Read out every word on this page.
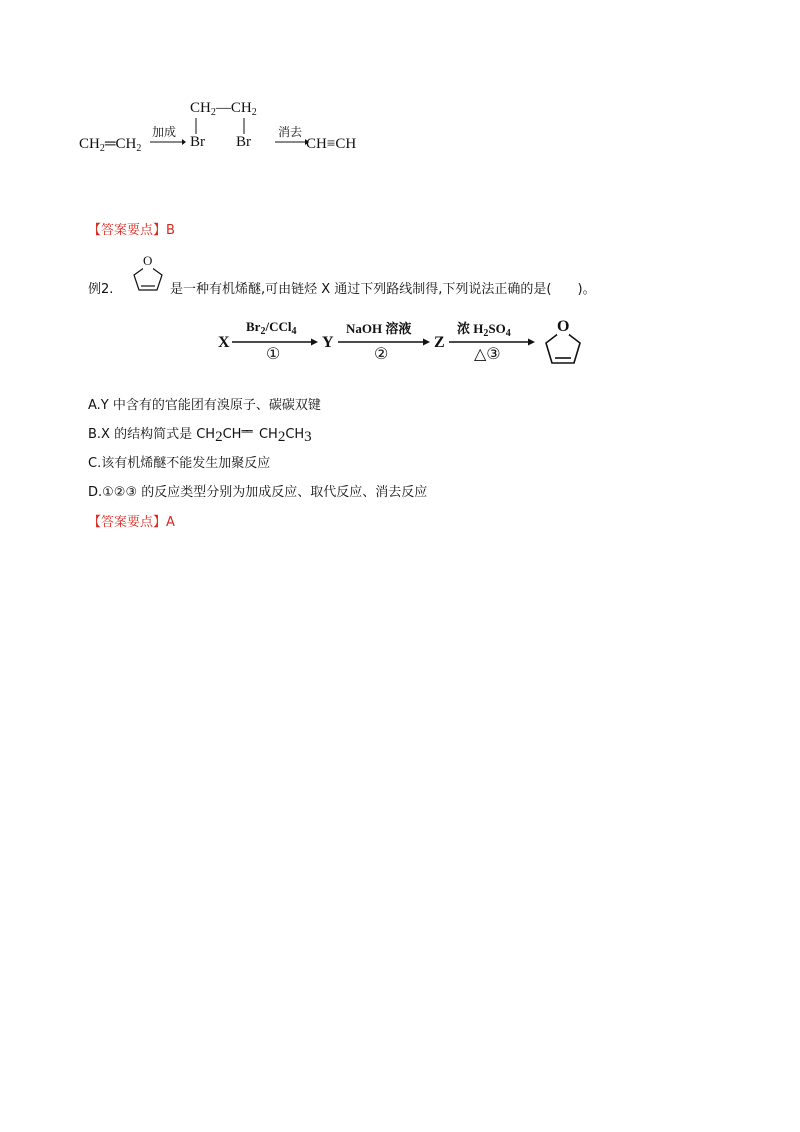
$CH_2═CH_2$
加成
$CH_2—CH_2$
Br Br
消去
CH≡CH
【答案要点】B
例2.
O
是一种有机烯醚,可由链烃 X 通过下列路线制得,下列说法正确的是(　　)。
X
$Br_2/CCl_4$
①
Y
NaOH 溶液
②
Z
浓 $H_2SO_4$
△③
O
A.Y 中含有的官能团有溴原子、碳碳双键
B.X 的结构简式是 $CH_2CH^{══}$ $CH_2CH_3$
C.该有机烯醚不能发生加聚反应
D.①②③ 的反应类型分别为加成反应、取代反应、消去反应
【答案要点】A
